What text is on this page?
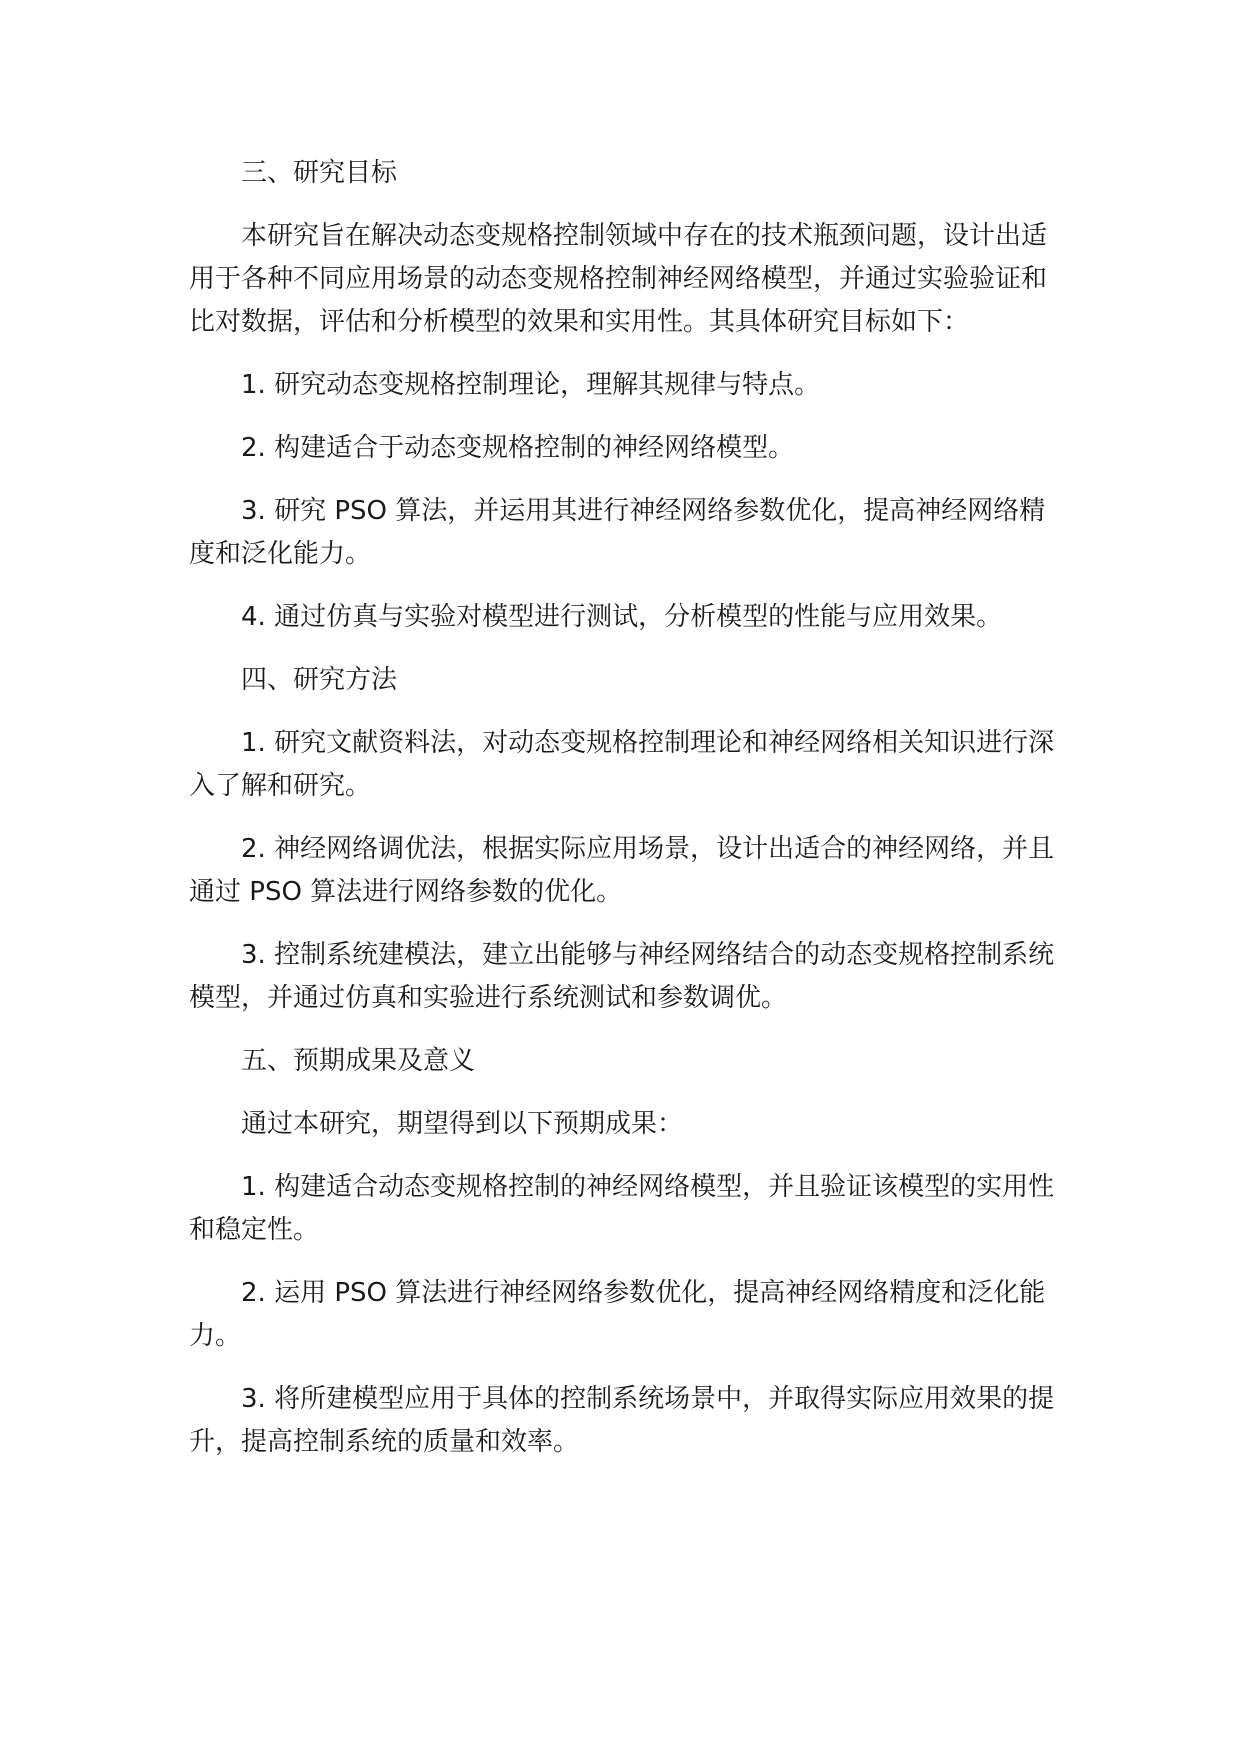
三、研究目标

本研究旨在解决动态变规格控制领域中存在的技术瓶颈问题，设计出适用于各种不同应用场景的动态变规格控制神经网络模型，并通过实验验证和比对数据，评估和分析模型的效果和实用性。其具体研究目标如下：

1. 研究动态变规格控制理论，理解其规律与特点。

2. 构建适合于动态变规格控制的神经网络模型。

3. 研究 PSO 算法，并运用其进行神经网络参数优化，提高神经网络精度和泛化能力。

4. 通过仿真与实验对模型进行测试，分析模型的性能与应用效果。

四、研究方法

1. 研究文献资料法，对动态变规格控制理论和神经网络相关知识进行深入了解和研究。

2. 神经网络调优法，根据实际应用场景，设计出适合的神经网络，并且通过 PSO 算法进行网络参数的优化。

3. 控制系统建模法，建立出能够与神经网络结合的动态变规格控制系统模型，并通过仿真和实验进行系统测试和参数调优。

五、预期成果及意义

通过本研究，期望得到以下预期成果：

1. 构建适合动态变规格控制的神经网络模型，并且验证该模型的实用性和稳定性。

2. 运用 PSO 算法进行神经网络参数优化，提高神经网络精度和泛化能力。

3. 将所建模型应用于具体的控制系统场景中，并取得实际应用效果的提升，提高控制系统的质量和效率。
